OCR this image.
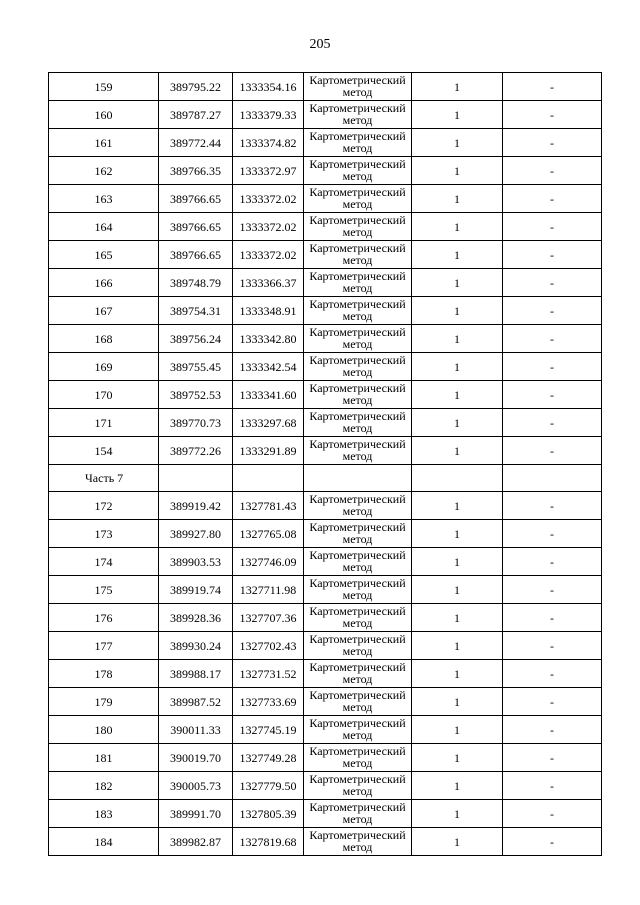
205
159	389795.22	1333354.16	Картометрический метод	1	-
160	389787.27	1333379.33	Картометрический метод	1	-
161	389772.44	1333374.82	Картометрический метод	1	-
162	389766.35	1333372.97	Картометрический метод	1	-
163	389766.65	1333372.02	Картометрический метод	1	-
164	389766.65	1333372.02	Картометрический метод	1	-
165	389766.65	1333372.02	Картометрический метод	1	-
166	389748.79	1333366.37	Картометрический метод	1	-
167	389754.31	1333348.91	Картометрический метод	1	-
168	389756.24	1333342.80	Картометрический метод	1	-
169	389755.45	1333342.54	Картометрический метод	1	-
170	389752.53	1333341.60	Картометрический метод	1	-
171	389770.73	1333297.68	Картометрический метод	1	-
154	389772.26	1333291.89	Картометрический метод	1	-
Часть 7					
172	389919.42	1327781.43	Картометрический метод	1	-
173	389927.80	1327765.08	Картометрический метод	1	-
174	389903.53	1327746.09	Картометрический метод	1	-
175	389919.74	1327711.98	Картометрический метод	1	-
176	389928.36	1327707.36	Картометрический метод	1	-
177	389930.24	1327702.43	Картометрический метод	1	-
178	389988.17	1327731.52	Картометрический метод	1	-
179	389987.52	1327733.69	Картометрический метод	1	-
180	390011.33	1327745.19	Картометрический метод	1	-
181	390019.70	1327749.28	Картометрический метод	1	-
182	390005.73	1327779.50	Картометрический метод	1	-
183	389991.70	1327805.39	Картометрический метод	1	-
184	389982.87	1327819.68	Картометрический метод	1	-
